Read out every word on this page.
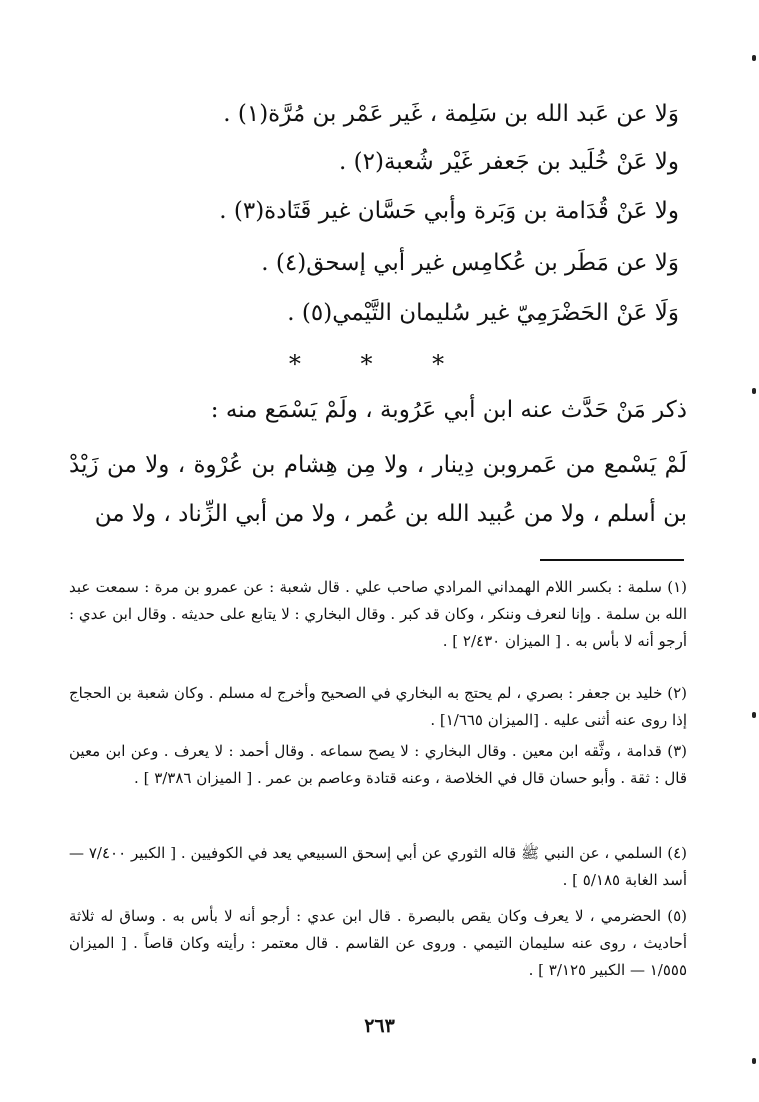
وَلا عن عَبد الله بن سَلِمة ، غَير عَمْر بن مُرَّة(١) .
ولا عَنْ خُلَيد بن جَعفر غَيْر شُعبة(٢) .
ولا عَنْ قُدَامة بن وَبَرة وأبي حَسَّان غير قَتَادة(٣) .
وَلا عن مَطَر بن عُكامِس غير أبي إسحق(٤) .
وَلَا عَنْ الحَضْرَمِيّ غير سُليمان التَّيْمي(٥) .
* * *
ذكر مَنْ حَدَّث عنه ابن أبي عَرُوبة ، ولَمْ يَسْمَع منه :
لَمْ يَسْمع من عَمروبن دِينار ، ولا مِن هِشام بن عُرْوة ، ولا من زَيْدْ بن أسلم ، ولا من عُبيد الله بن عُمر ، ولا من أبي الزِّناد ، ولا من
(١) سلمة : بكسر اللام الهمداني المرادي صاحب علي . قال شعبة : عن عمرو بن مرة : سمعت عبد الله بن سلمة . وإنا لنعرف وننكر ، وكان قد كبر . وقال البخاري : لا يتابع على حديثه . وقال ابن عدي : أرجو أنه لا بأس به . [ الميزان ٢/٤٣٠ ] .
(٢) خليد بن جعفر : بصري ، لم يحتج به البخاري في الصحيح وأخرج له مسلم . وكان شعبة بن الحجاج إذا روى عنه أثنى عليه . [الميزان ١/٦٦٥] .
(٣) قدامة ، وثَّقه ابن معين . وقال البخاري : لا يصح سماعه . وقال أحمد : لا يعرف . وعن ابن معين قال : ثقة . وأبو حسان قال في الخلاصة ، وعنه قتادة وعاصم بن عمر . [ الميزان ٣/٣٨٦ ] .
(٤) السلمي ، عن النبي ﷺ قاله الثوري عن أبي إسحق السبيعي يعد في الكوفيين . [ الكبير ٧/٤٠٠ — أسد الغابة ٥/١٨٥ ] .
(٥) الحضرمي ، لا يعرف وكان يقص بالبصرة . قال ابن عدي : أرجو أنه لا بأس به . وساق له ثلاثة أحاديث ، روى عنه سليمان التيمي . وروى عن القاسم . قال معتمر : رأيته وكان قاصاً . [ الميزان ١/٥٥٥ — الكبير ٣/١٢٥ ] .
٢٦٣
